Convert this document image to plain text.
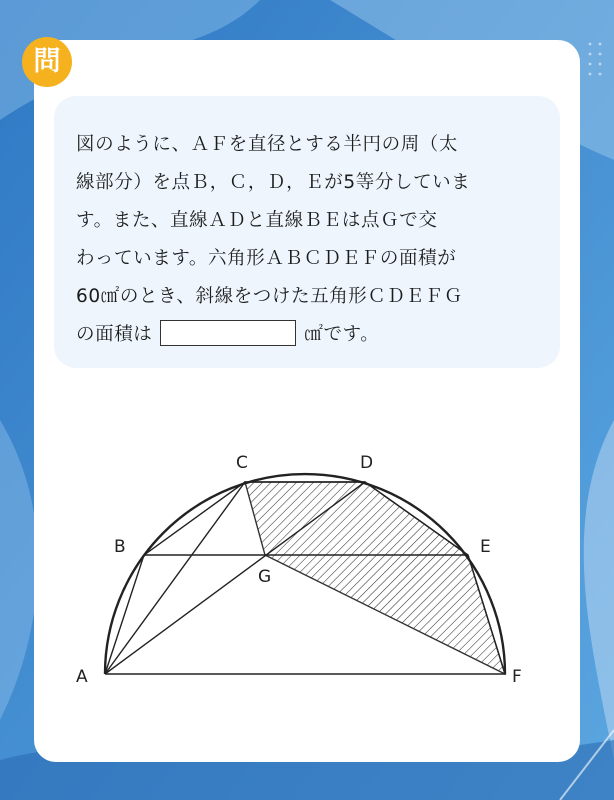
問
図のように、ＡＦを直径とする半円の周（太
線部分）を点Ｂ，Ｃ，Ｄ，Ｅが5等分していま
す。また、直線ＡＤと直線ＢＥは点Ｇで交
わっています。六角形ＡＢＣＤＥＦの面積が
60㎠のとき、斜線をつけた五角形ＣＤＥＦＧ
の面積は	㎠です。
A
B
C	D
E
F
G
